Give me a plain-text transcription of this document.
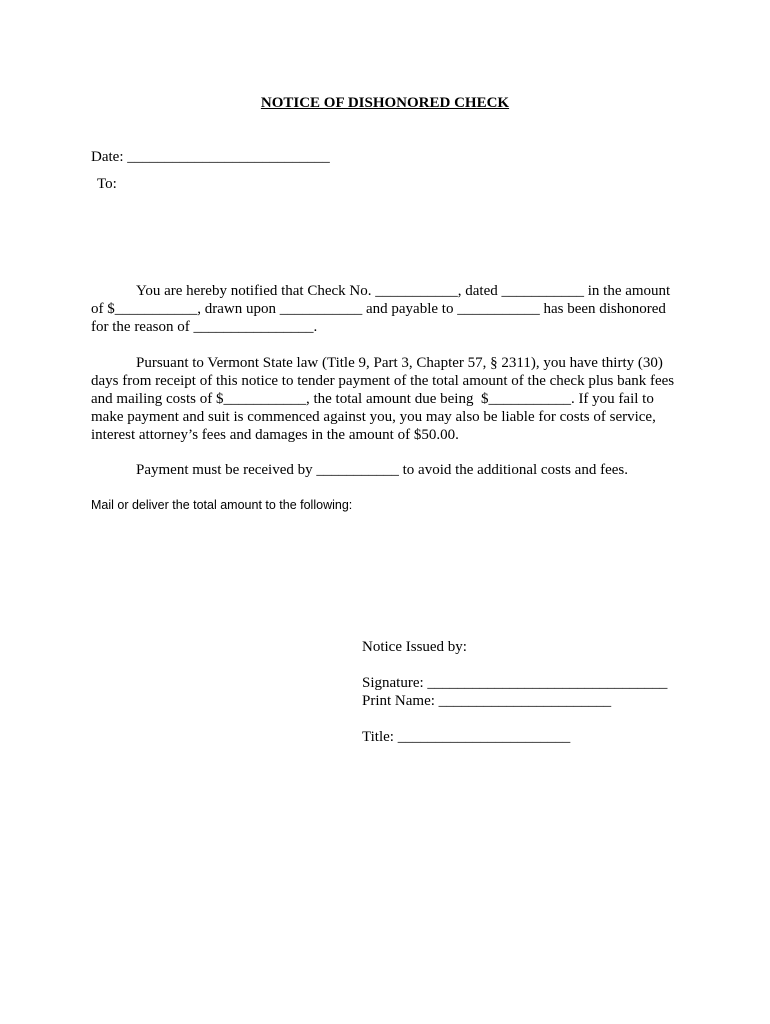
NOTICE OF DISHONORED CHECK
Date: ___________________________
To:
You are hereby notified that Check No. ___________, dated ___________ in the amount
of $___________, drawn upon ___________ and payable to ___________ has been dishonored
for the reason of ________________.
Pursuant to Vermont State law (Title 9, Part 3, Chapter 57, § 2311), you have thirty (30)
days from receipt of this notice to tender payment of the total amount of the check plus bank fees
and mailing costs of $___________, the total amount due being  $___________. If you fail to
make payment and suit is commenced against you, you may also be liable for costs of service,
interest attorney’s fees and damages in the amount of $50.00.
Payment must be received by ___________ to avoid the additional costs and fees.
Mail or deliver the total amount to the following:
Notice Issued by:
Signature: ________________________________
Print Name: _______________________
Title: _______________________
